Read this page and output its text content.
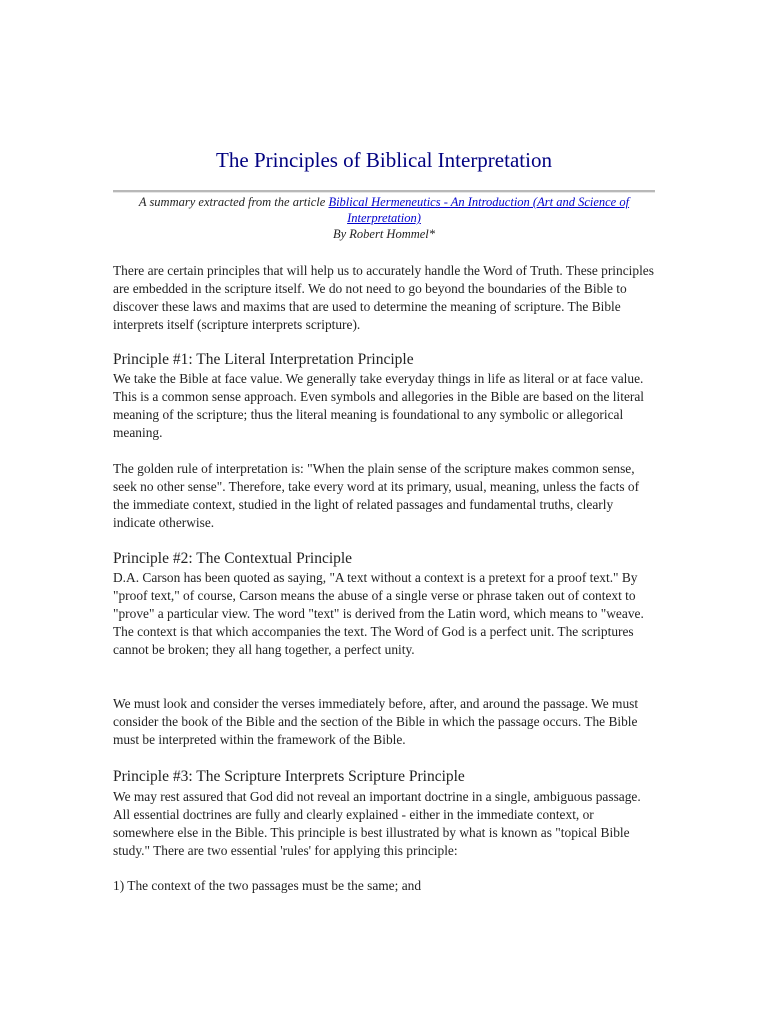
The Principles of Biblical Interpretation

A summary extracted from the article Biblical Hermeneutics - An Introduction (Art and Science of Interpretation)
By Robert Hommel*

There are certain principles that will help us to accurately handle the Word of Truth. These principles are embedded in the scripture itself. We do not need to go beyond the boundaries of the Bible to discover these laws and maxims that are used to determine the meaning of scripture. The Bible interprets itself (scripture interprets scripture).

Principle #1: The Literal Interpretation Principle

We take the Bible at face value. We generally take everyday things in life as literal or at face value. This is a common sense approach. Even symbols and allegories in the Bible are based on the literal meaning of the scripture; thus the literal meaning is foundational to any symbolic or allegorical meaning.

The golden rule of interpretation is: "When the plain sense of the scripture makes common sense, seek no other sense". Therefore, take every word at its primary, usual, meaning, unless the facts of the immediate context, studied in the light of related passages and fundamental truths, clearly indicate otherwise.

Principle #2: The Contextual Principle

D.A. Carson has been quoted as saying, "A text without a context is a pretext for a proof text." By "proof text," of course, Carson means the abuse of a single verse or phrase taken out of context to "prove" a particular view. The word "text" is derived from the Latin word, which means to "weave. The context is that which accompanies the text. The Word of God is a perfect unit. The scriptures cannot be broken; they all hang together, a perfect unity.

We must look and consider the verses immediately before, after, and around the passage. We must consider the book of the Bible and the section of the Bible in which the passage occurs. The Bible must be interpreted within the framework of the Bible.

Principle #3: The Scripture Interprets Scripture Principle

We may rest assured that God did not reveal an important doctrine in a single, ambiguous passage. All essential doctrines are fully and clearly explained - either in the immediate context, or somewhere else in the Bible. This principle is best illustrated by what is known as "topical Bible study." There are two essential 'rules' for applying this principle:

1) The context of the two passages must be the same; and
